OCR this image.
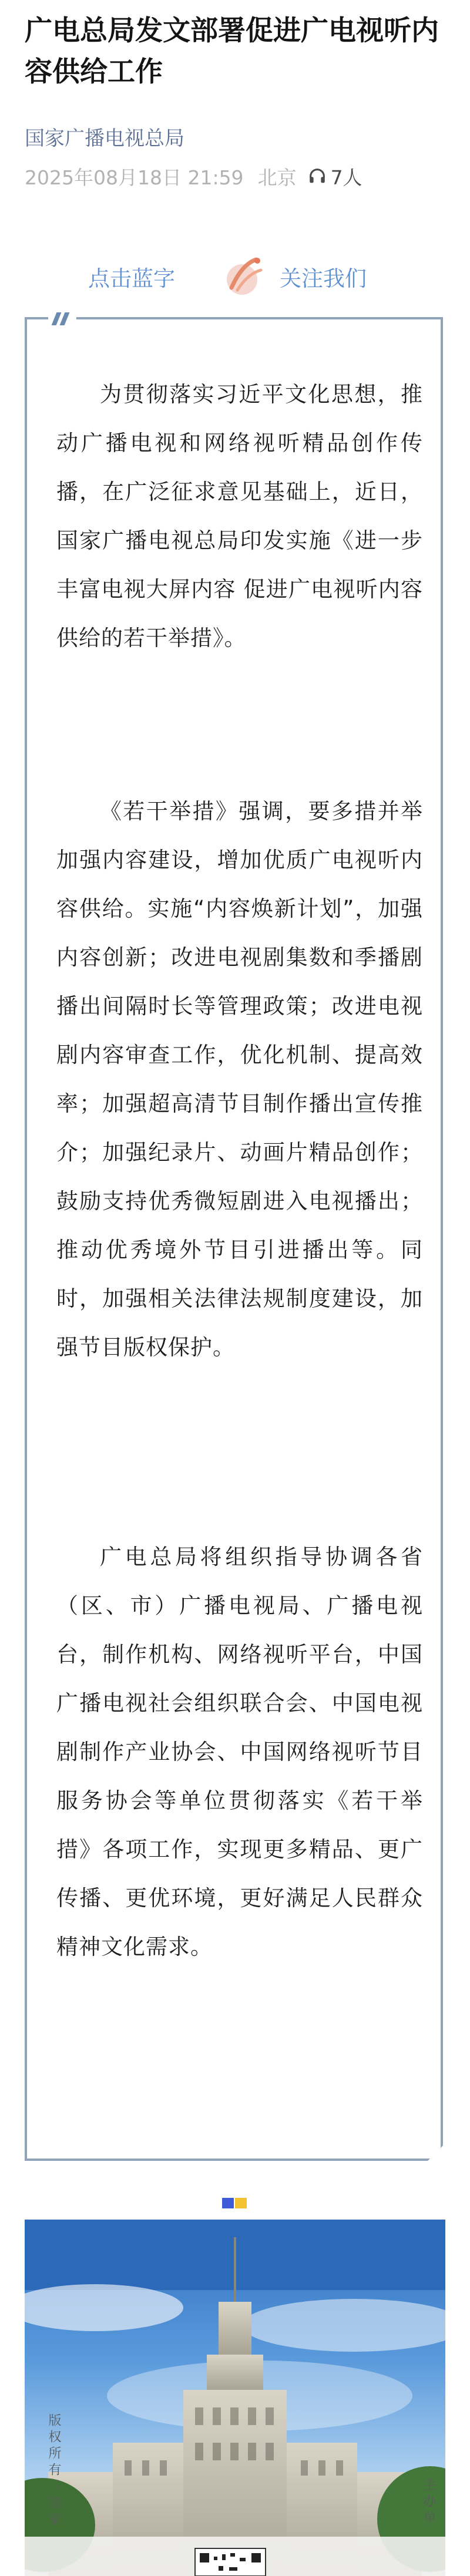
广电总局发文部署促进广电视听内容供给工作
国家广播电视总局
2025年08月18日 21:59 北京 7人
点击蓝字	关注我们

为贯彻落实习近平文化思想，推动广播电视和网络视听精品创作传播，在广泛征求意见基础上，近日，国家广播电视总局印发实施《进一步丰富电视大屏内容 促进广电视听内容供给的若干举措》。

《若干举措》强调，要多措并举加强内容建设，增加优质广电视听内容供给。实施“内容焕新计划”，加强内容创新；改进电视剧集数和季播剧播出间隔时长等管理政策；改进电视剧内容审查工作，优化机制、提高效率；加强超高清节目制作播出宣传推介；加强纪录片、动画片精品创作；鼓励支持优秀微短剧进入电视播出；推动优秀境外节目引进播出等。同时，加强相关法律法规制度建设，加强节目版权保护。

广电总局将组织指导协调各省（区、市）广播电视局、广播电视台，制作机构、网络视听平台，中国广播电视社会组织联合会、中国电视剧制作产业协会、中国网络视听节目服务协会等单位贯彻落实《若干举措》各项工作，实现更多精品、更广传播、更优环境，更好满足人民群众精神文化需求。

版权所有：国家	主办单
